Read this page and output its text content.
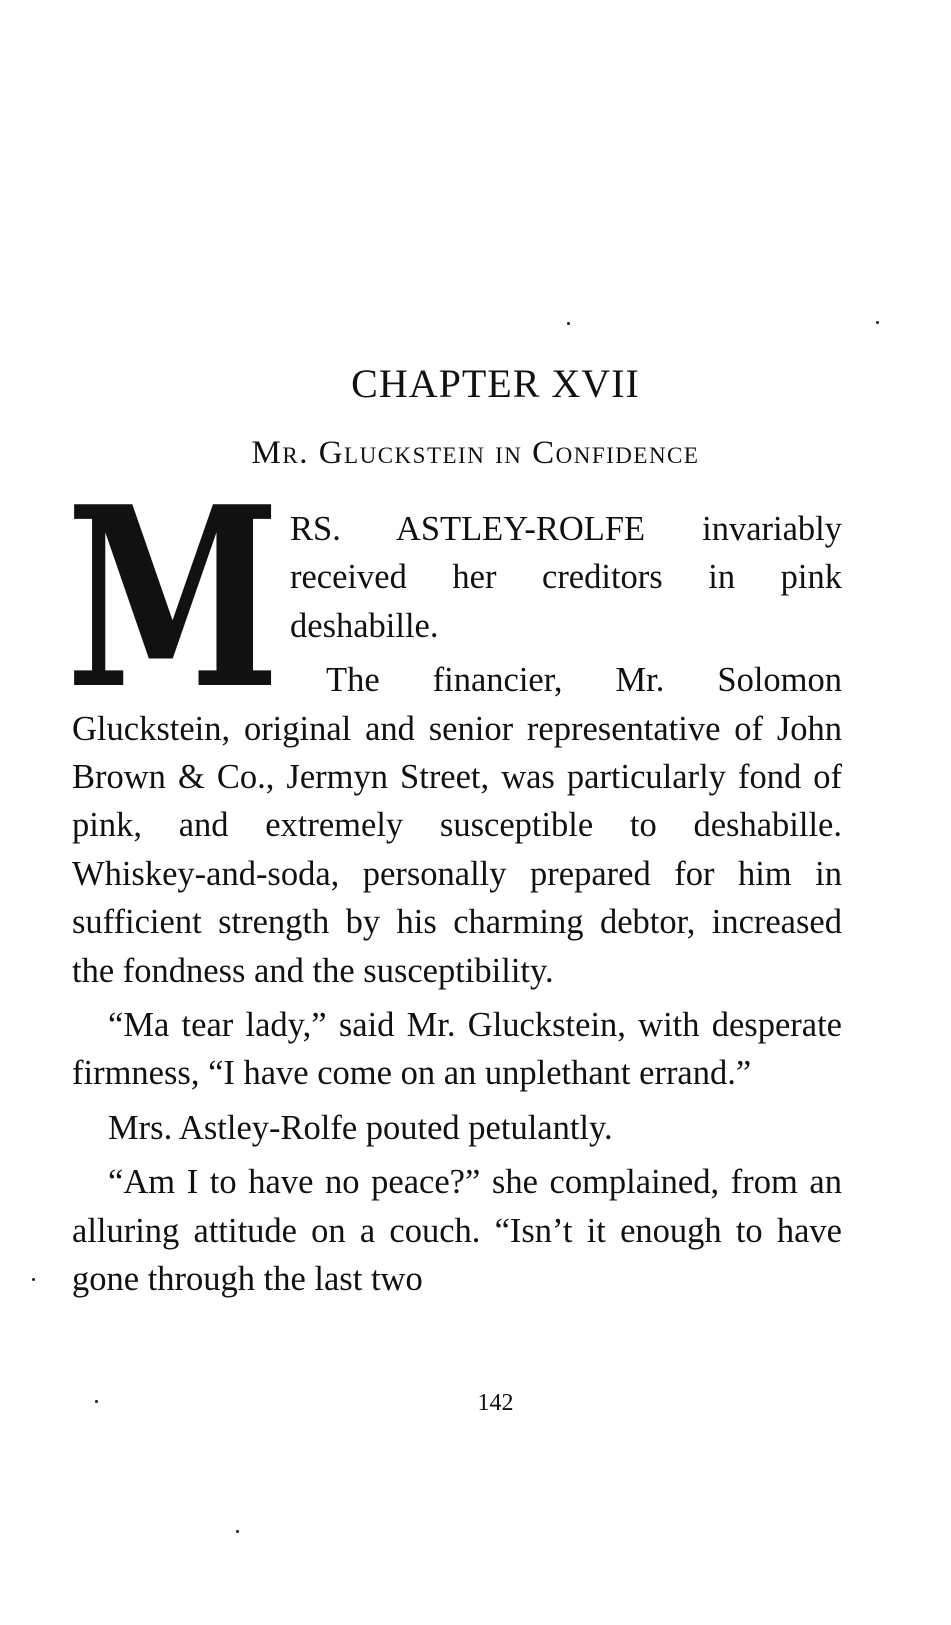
CHAPTER XVII
Mr. Gluckstein in Confidence

M RS. ASTLEY-ROLFE invariably received her creditors in pink deshabille.

The financier, Mr. Solomon Gluckstein, original and senior representative of John Brown & Co., Jermyn Street, was particularly fond of pink, and extremely susceptible to deshabille. Whiskey-and-soda, personally prepared for him in sufficient strength by his charming debtor, increased the fondness and the susceptibility.

“Ma tear lady,” said Mr. Gluckstein, with desperate firmness, “I have come on an unplethant errand.”

Mrs. Astley-Rolfe pouted petulantly.

“Am I to have no peace?” she complained, from an alluring attitude on a couch. “Isn’t it enough to have gone through the last two

142
